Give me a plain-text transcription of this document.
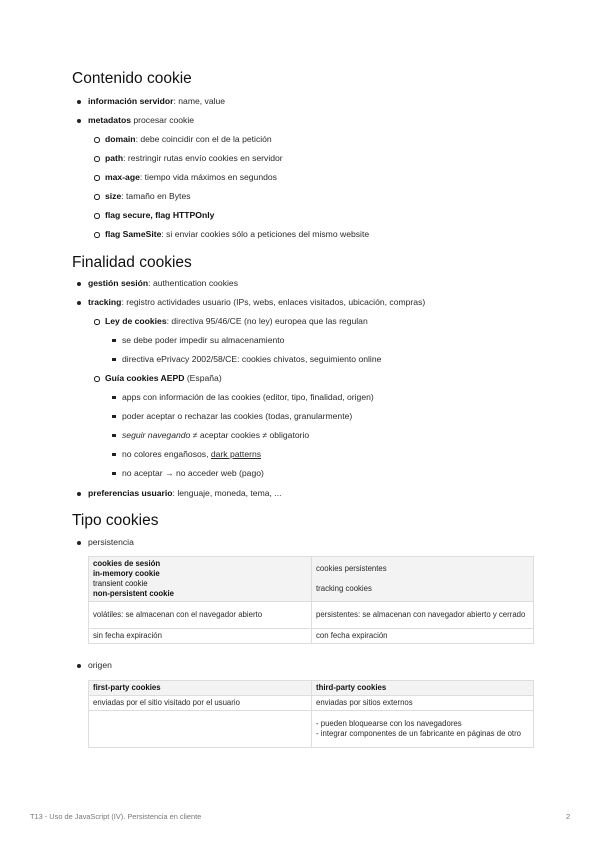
Contenido cookie
información servidor: name, value
metadatos procesar cookie
domain: debe coincidir con el de la petición
path: restringir rutas envío cookies en servidor
max-age: tiempo vida máximos en segundos
size: tamaño en Bytes
flag secure, flag HTTPOnly
flag SameSite: si enviar cookies sólo a peticiones del mismo website
Finalidad cookies
gestión sesión: authentication cookies
tracking: registro actividades usuario (IPs, webs, enlaces visitados, ubicación, compras)
Ley de cookies: directiva 95/46/CE (no ley) europea que las regulan
se debe poder impedir su almacenamiento
directiva ePrivacy 2002/58/CE: cookies chivatos, seguimiento online
Guía cookies AEPD (España)
apps con información de las cookies (editor, tipo, finalidad, origen)
poder aceptar o rechazar las cookies (todas, granularmente)
seguir navegando ≠ aceptar cookies ≠ obligatorio
no colores engañosos, dark patterns
no aceptar → no acceder web (pago)
preferencias usuario: lenguaje, moneda, tema, ...
Tipo cookies
persistencia
cookies de sesión
in-memory cookie
transient cookie
non-persistent cookie	cookies persistentes
tracking cookies

volátiles: se almacenan con el navegador abierto	persistentes: se almacenan con navegador abierto y cerrado
sin fecha expiración	con fecha expiración
origen
first-party cookies	third-party cookies
enviadas por el sitio visitado por el usuario	enviadas por sitios externos

	- pueden bloquearse con los navegadores
- integrar componentes de un fabricante en páginas de otro
T13 - Uso de JavaScript (IV). Persistencia en cliente	2
